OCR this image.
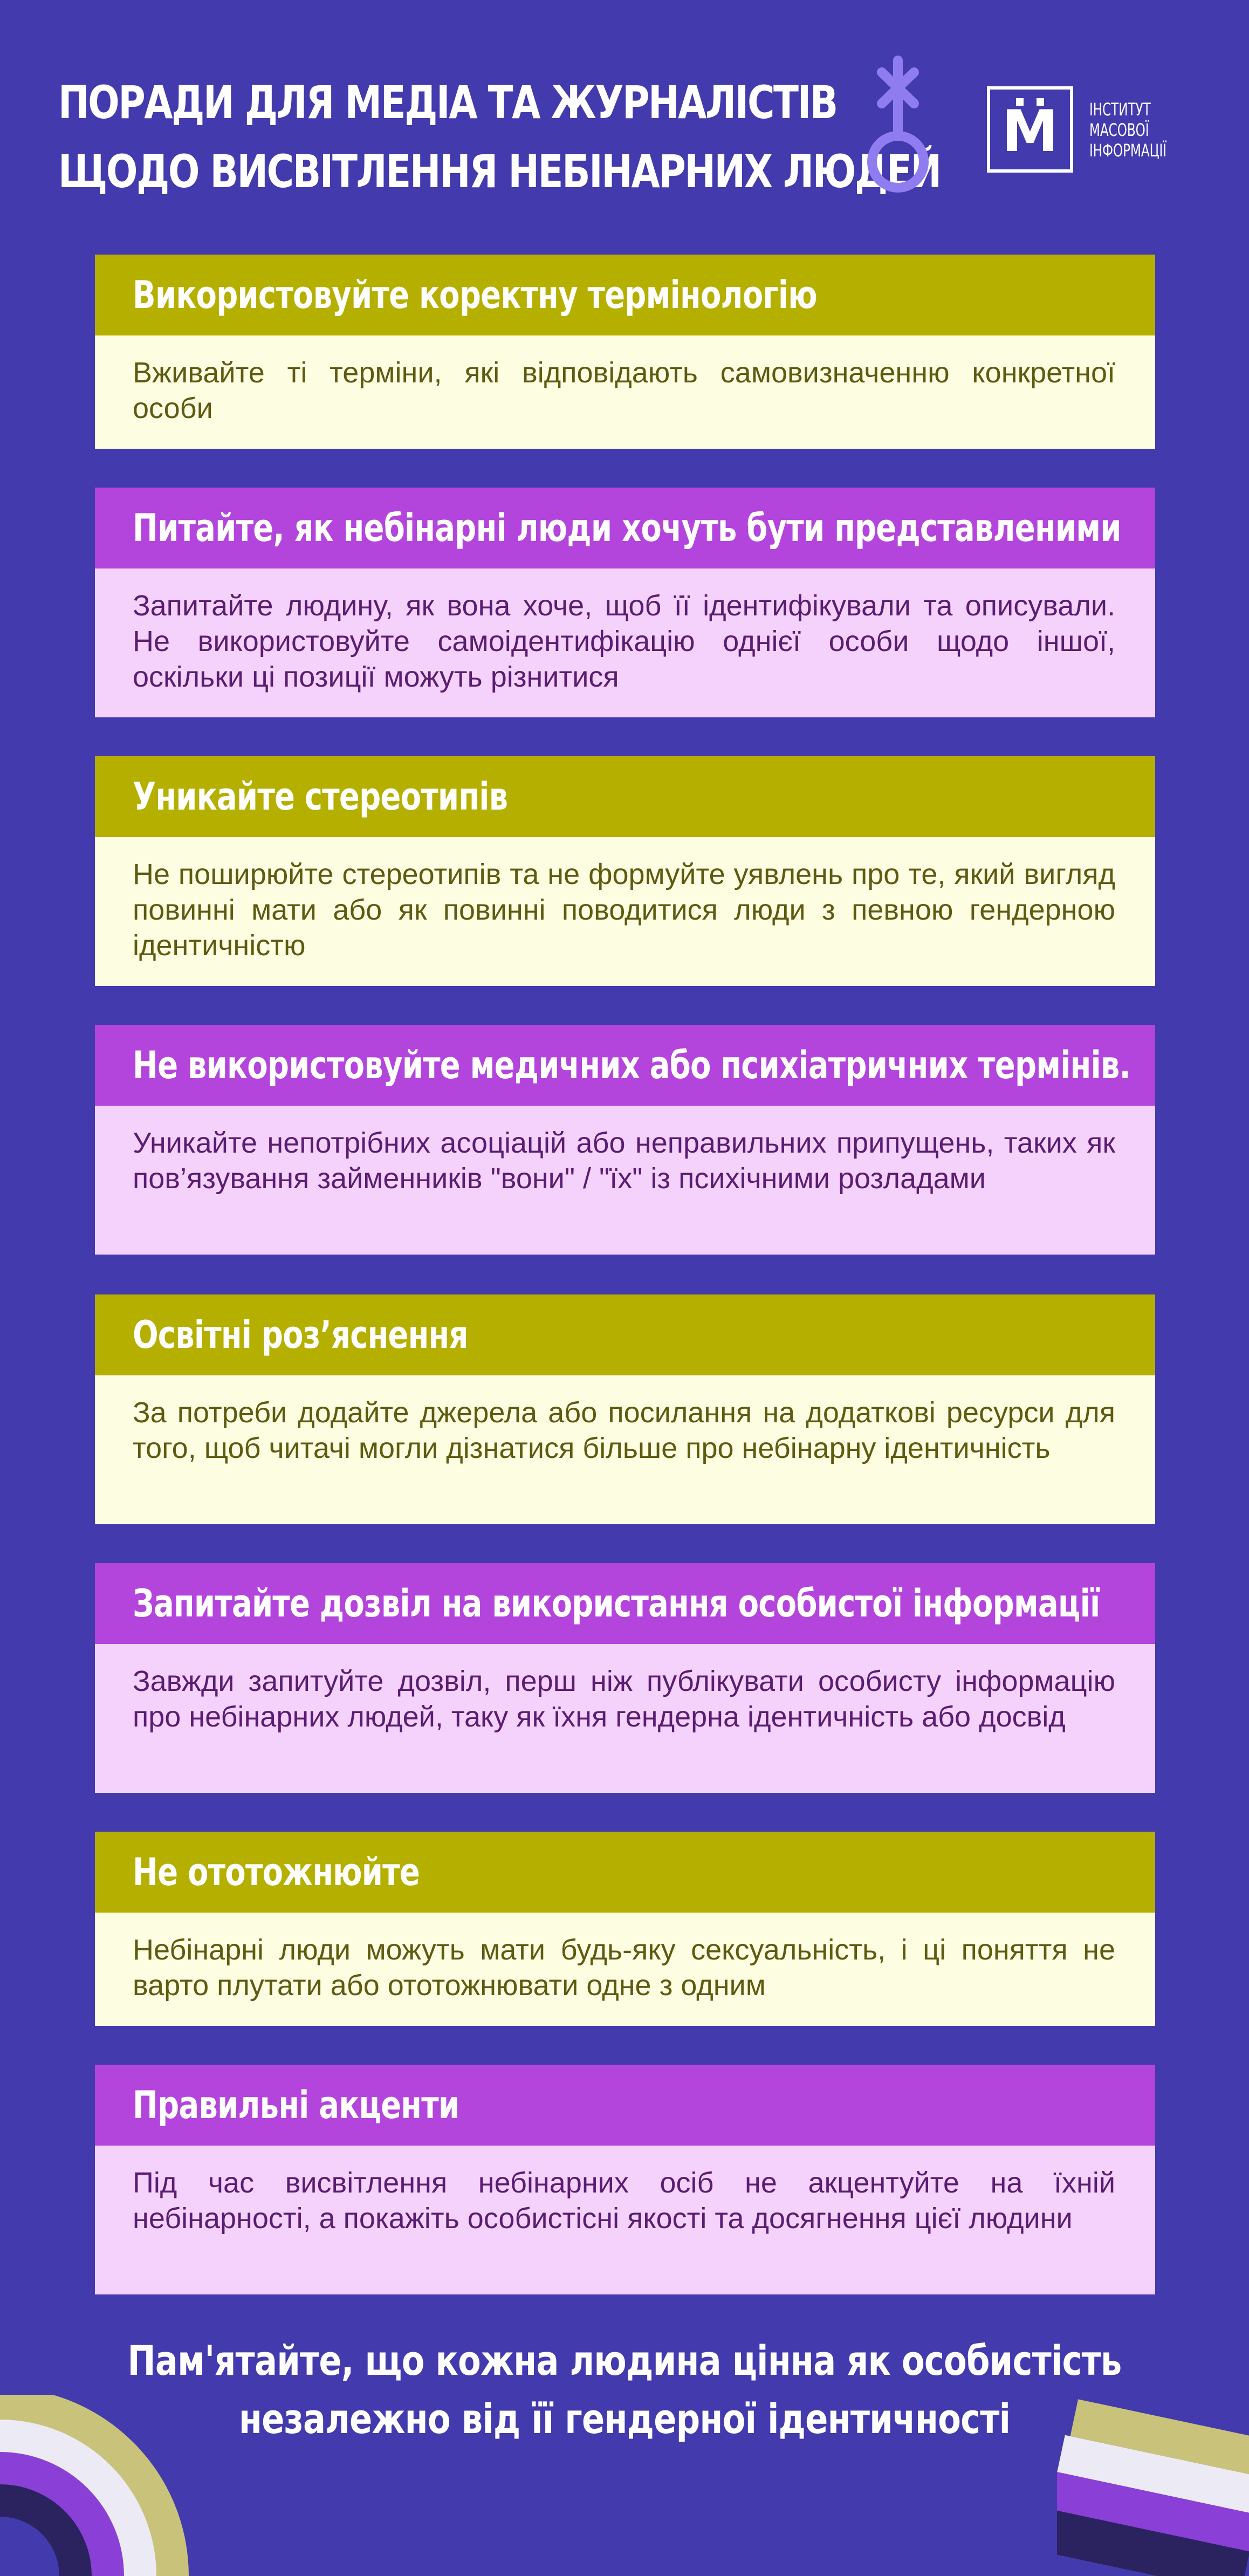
ПОРАДИ ДЛЯ МЕДІА ТА ЖУРНАЛІСТІВ
ЩОДО ВИСВІТЛЕННЯ НЕБІНАРНИХ ЛЮДЕЙ
М	ІНСТИТУТ
МАСОВОЇ
ІНФОРМАЦІЇ
Використовуйте коректну термінологію

Вживайте ті терміни, які відповідають самовизначенню конкретної особи

Питайте, як небінарні люди хочуть бути представленими

Запитайте людину, як вона хоче, щоб її ідентифікували та описували. Не використовуйте самоідентифікацію однієї особи щодо іншої, оскільки ці позиції можуть різнитися

Уникайте стереотипів

Не поширюйте стереотипів та не формуйте уявлень про те, який вигляд повинні мати або як повинні поводитися люди з певною гендерною ідентичністю

Не використовуйте медичних або психіатричних термінів.

Уникайте непотрібних асоціацій або неправильних припущень, таких як пов’язування займенників "вони" / "їх" із психічними розладами

Освітні роз’яснення

За потреби додайте джерела або посилання на додаткові ресурси для того, щоб читачі могли дізнатися більше про небінарну ідентичність

Запитайте дозвіл на використання особистої інформації

Завжди запитуйте дозвіл, перш ніж публікувати особисту інформацію про небінарних людей, таку як їхня гендерна ідентичність або досвід

Не ототожнюйте

Небінарні люди можуть мати будь-яку сексуальність, і ці поняття не варто плутати або ототожнювати одне з одним

Правильні акценти

Під час висвітлення небінарних осіб не акцентуйте на їхній небінарності, а покажіть особистісні якості та досягнення цієї людини

Пам'ятайте, що кожна людина цінна як особистість
незалежно від її гендерної ідентичності
